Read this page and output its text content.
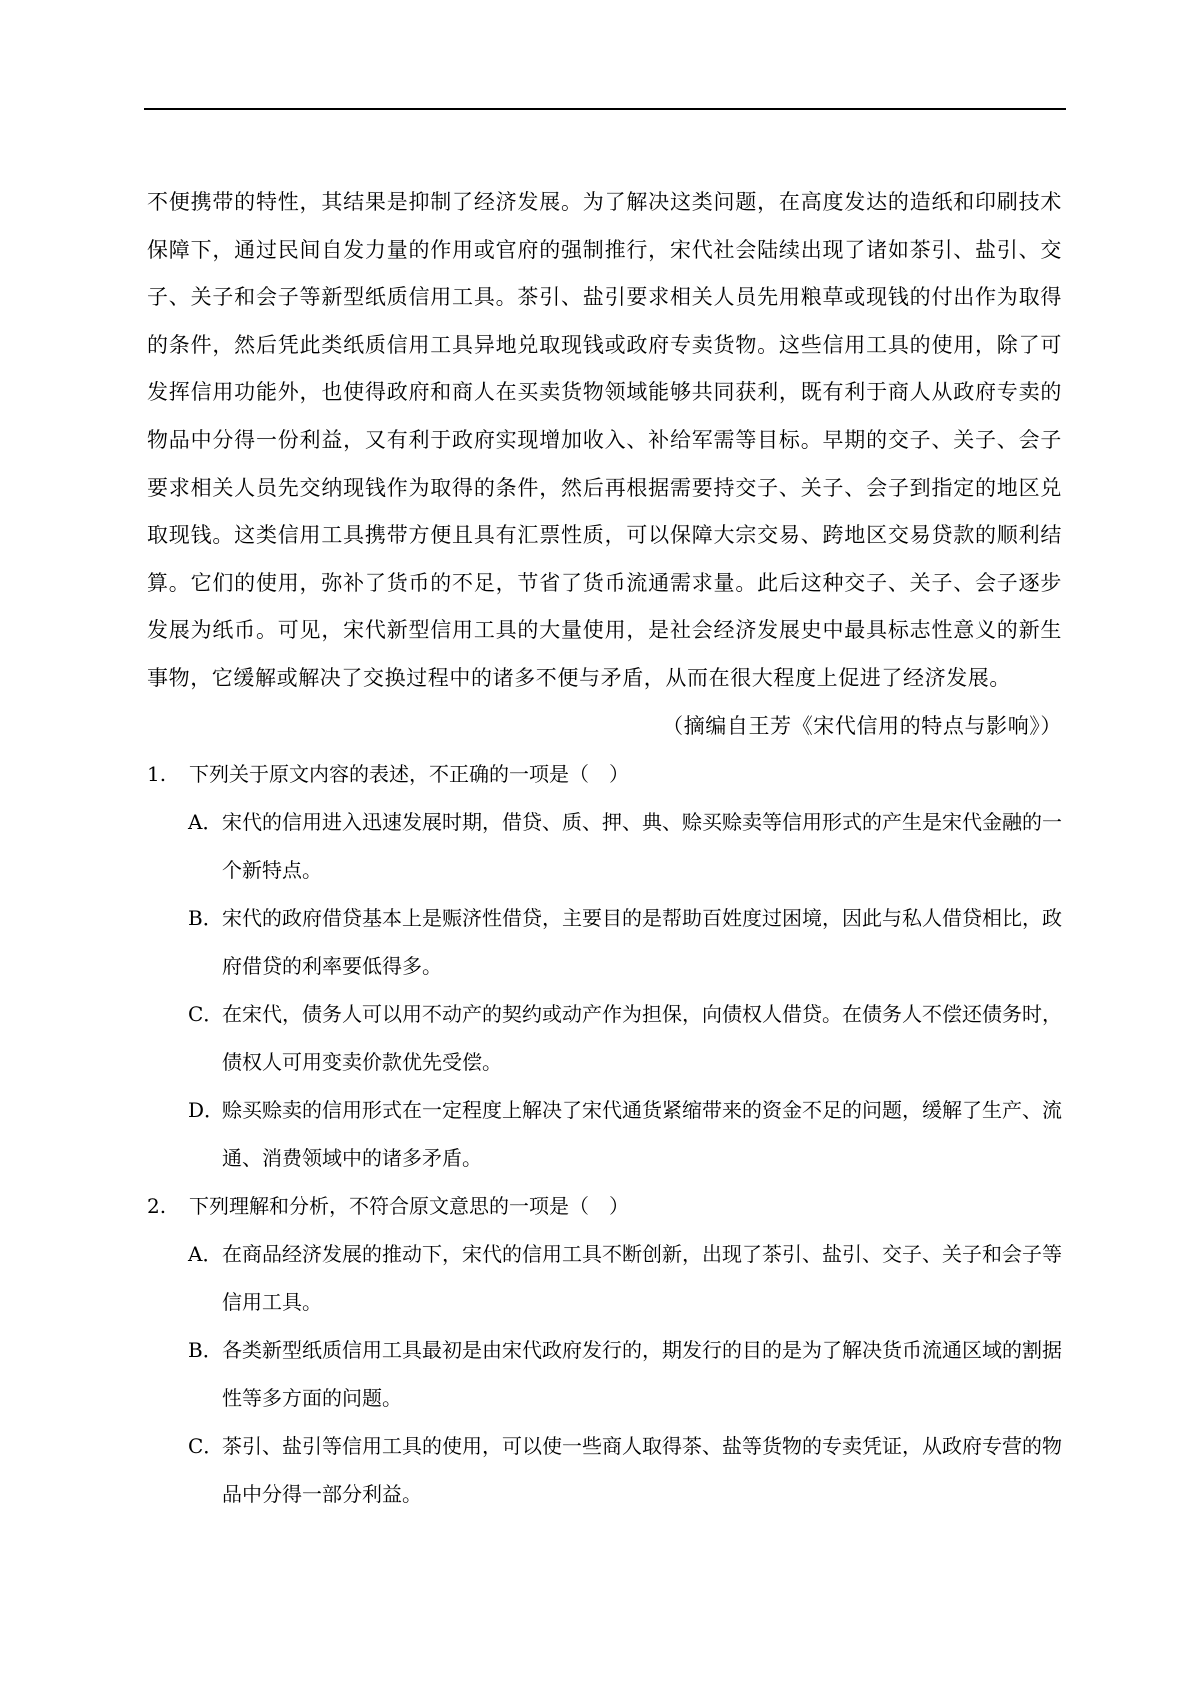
不便携带的特性，其结果是抑制了经济发展。为了解决这类问题，在高度发达的造纸和印刷技术保障下，通过民间自发力量的作用或官府的强制推行，宋代社会陆续出现了诸如茶引、盐引、交子、关子和会子等新型纸质信用工具。茶引、盐引要求相关人员先用粮草或现钱的付出作为取得的条件，然后凭此类纸质信用工具异地兑取现钱或政府专卖货物。这些信用工具的使用，除了可发挥信用功能外，也使得政府和商人在买卖货物领域能够共同获利，既有利于商人从政府专卖的物品中分得一份利益，又有利于政府实现增加收入、补给军需等目标。早期的交子、关子、会子要求相关人员先交纳现钱作为取得的条件，然后再根据需要持交子、关子、会子到指定的地区兑取现钱。这类信用工具携带方便且具有汇票性质，可以保障大宗交易、跨地区交易贷款的顺利结算。它们的使用，弥补了货币的不足，节省了货币流通需求量。此后这种交子、关子、会子逐步发展为纸币。可见，宋代新型信用工具的大量使用，是社会经济发展史中最具标志性意义的新生事物，它缓解或解决了交换过程中的诸多不便与矛盾，从而在很大程度上促进了经济发展。

（摘编自王芳《宋代信用的特点与影响》）

1.	下列关于原文内容的表述，不正确的一项是（　）
A． 宋代的信用进入迅速发展时期，借贷、质、押、典、赊买赊卖等信用形式的产生是宋代金融的一个新特点。
B． 宋代的政府借贷基本上是赈济性借贷，主要目的是帮助百姓度过困境，因此与私人借贷相比，政府借贷的利率要低得多。
C．
在宋代，债务人可以用不动产的契约或动产作为担保，向债权人借贷。在债务人不偿还债务时，债权人可用变卖价款优先受偿。
D．
赊买赊卖的信用形式在一定程度上解决了宋代通货紧缩带来的资金不足的问题，缓解了生产、流通、消费领域中的诸多矛盾。
2.	下列理解和分析，不符合原文意思的一项是（　）
A． 在商品经济发展的推动下，宋代的信用工具不断创新，出现了茶引、盐引、交子、关子和会子等信用工具。
B． 各类新型纸质信用工具最初是由宋代政府发行的，期发行的目的是为了解决货币流通区域的割据性等多方面的问题。
C．
茶引、盐引等信用工具的使用，可以使一些商人取得茶、盐等货物的专卖凭证，从政府专营的物品中分得一部分利益。
